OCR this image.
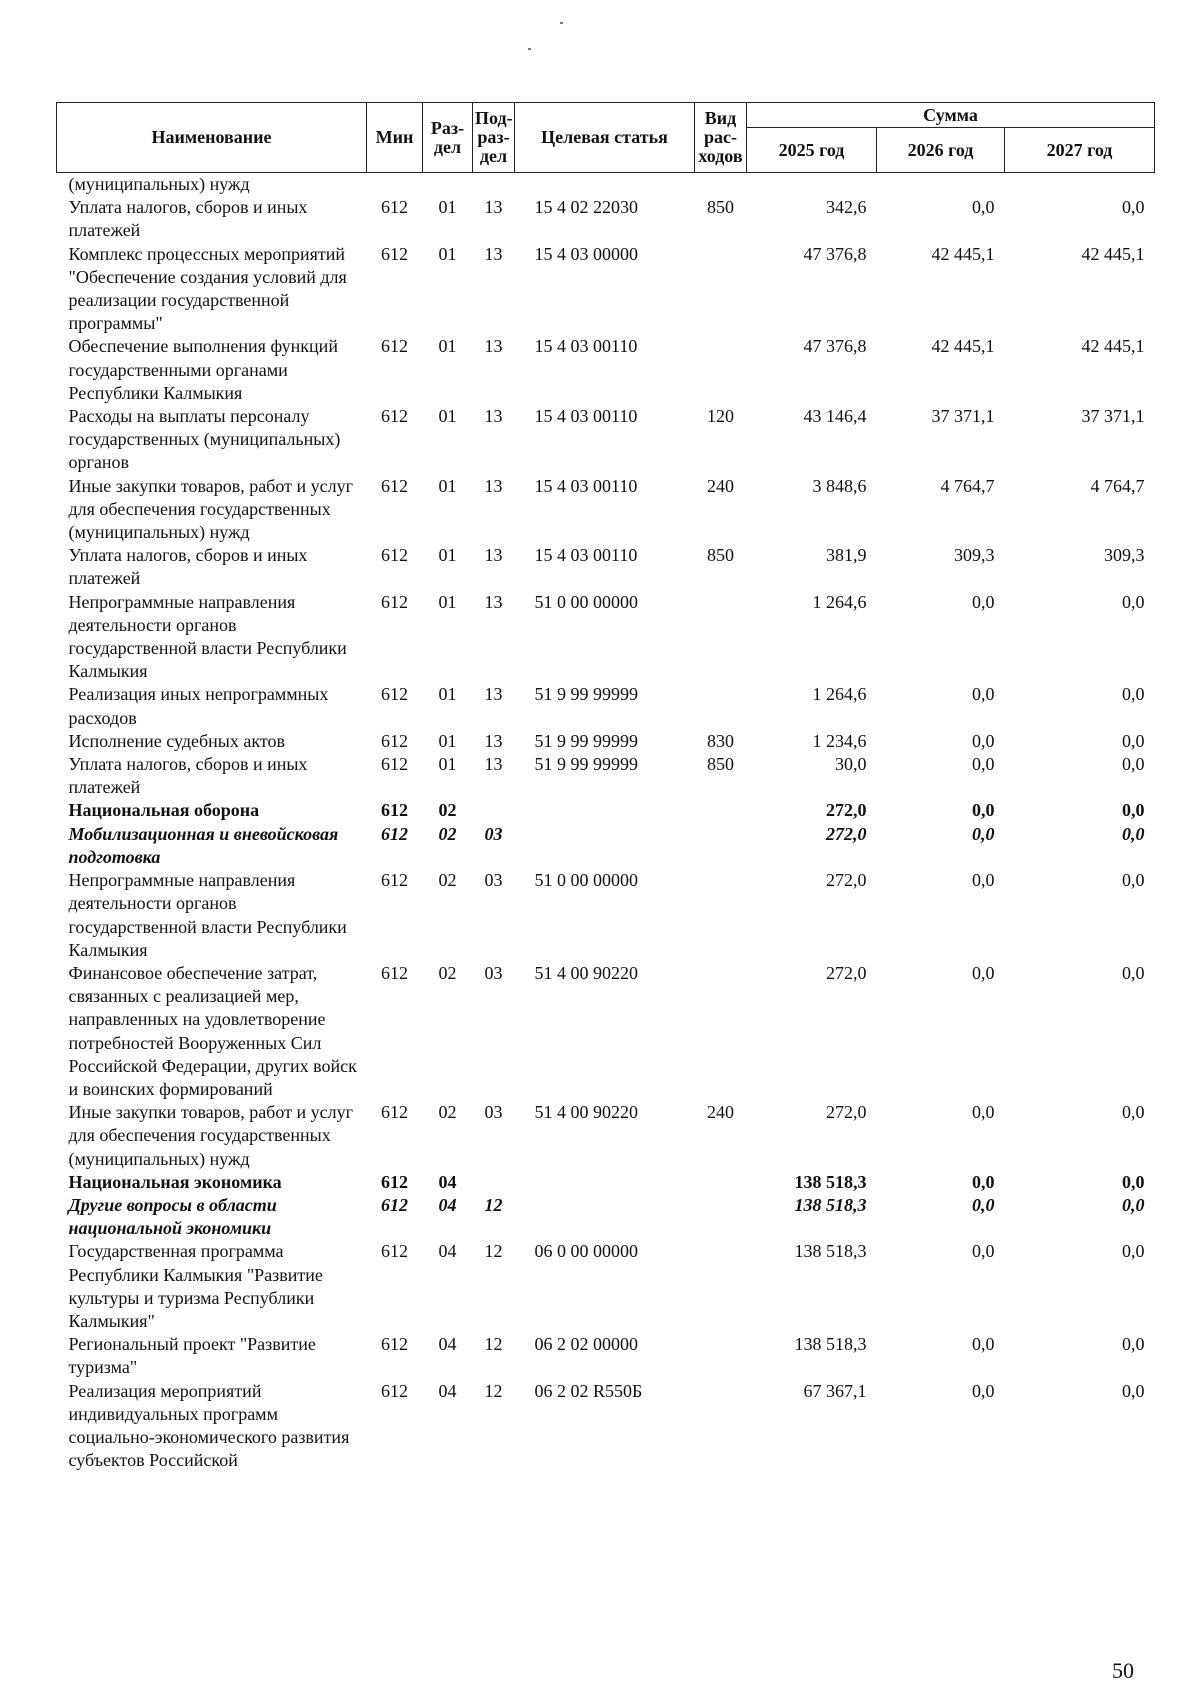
Наименование	Мин	Раз-дел	Под-раз-дел	Целевая статья	Вид рас-ходов	Сумма		
						2025 год	2026 год	2027 год
(муниципальных) нужд								
Уплата налогов, сборов и иных платежей	612	01	13	15 4 02 22030	850	342,6	0,0	0,0
Комплекс процессных мероприятий "Обеспечение создания условий для реализации государственной программы"	612	01	13	15 4 03 00000		47 376,8	42 445,1	42 445,1
Обеспечение выполнения функций государственными органами Республики Калмыкия	612	01	13	15 4 03 00110		47 376,8	42 445,1	42 445,1
Расходы на выплаты персоналу государственных (муниципальных) органов	612	01	13	15 4 03 00110	120	43 146,4	37 371,1	37 371,1
Иные закупки товаров, работ и услуг для обеспечения государственных (муниципальных) нужд	612	01	13	15 4 03 00110	240	3 848,6	4 764,7	4 764,7
Уплата налогов, сборов и иных платежей	612	01	13	15 4 03 00110	850	381,9	309,3	309,3
Непрограммные направления деятельности органов государственной власти Республики Калмыкия	612	01	13	51 0 00 00000		1 264,6	0,0	0,0
Реализация иных непрограммных расходов	612	01	13	51 9 99 99999		1 264,6	0,0	0,0
Исполнение судебных актов	612	01	13	51 9 99 99999	830	1 234,6	0,0	0,0
Уплата налогов, сборов и иных платежей	612	01	13	51 9 99 99999	850	30,0	0,0	0,0
Национальная оборона	612	02				272,0	0,0	0,0
Мобилизационная и вневойсковая подготовка	612	02	03			272,0	0,0	0,0
Непрограммные направления деятельности органов государственной власти Республики Калмыкия	612	02	03	51 0 00 00000		272,0	0,0	0,0
Финансовое обеспечение затрат, связанных с реализацией мер, направленных на удовлетворение потребностей Вооруженных Сил Российской Федерации, других войск и воинских формирований	612	02	03	51 4 00 90220		272,0	0,0	0,0
Иные закупки товаров, работ и услуг для обеспечения государственных (муниципальных) нужд	612	02	03	51 4 00 90220	240	272,0	0,0	0,0
Национальная экономика	612	04				138 518,3	0,0	0,0
Другие вопросы в области национальной экономики	612	04	12			138 518,3	0,0	0,0
Государственная программа Республики Калмыкия "Развитие культуры и туризма Республики Калмыкия"	612	04	12	06 0 00 00000		138 518,3	0,0	0,0
Региональный проект "Развитие туризма"	612	04	12	06 2 02 00000		138 518,3	0,0	0,0
Реализация мероприятий индивидуальных программ социально-экономического развития субъектов Российской	612	04	12	06 2 02 R550Б		67 367,1	0,0	0,0
50
